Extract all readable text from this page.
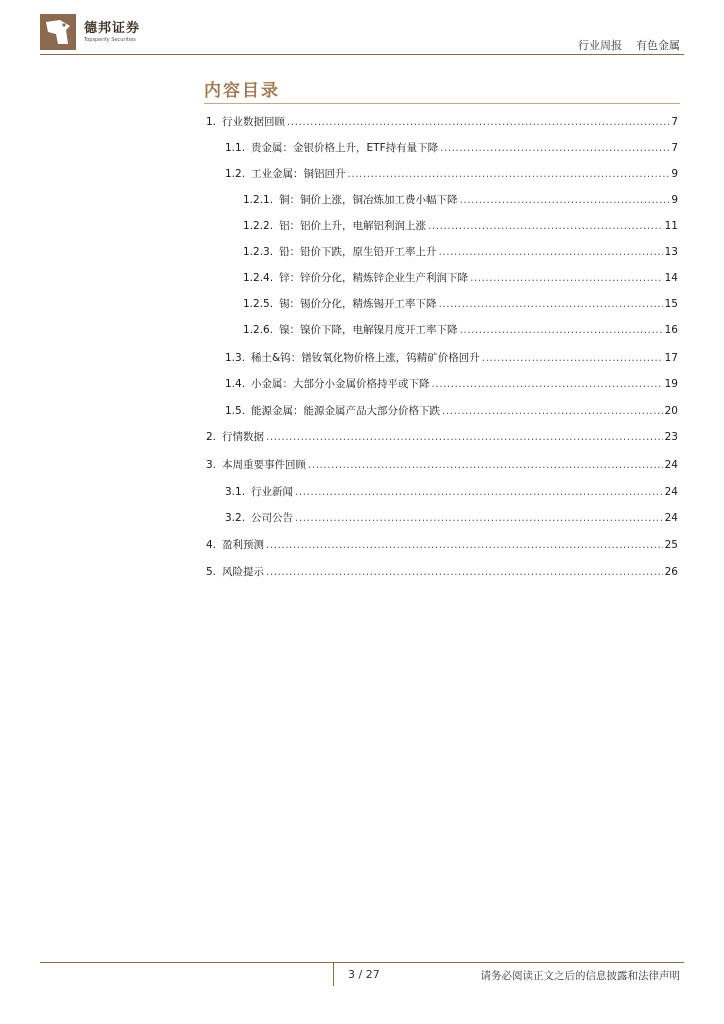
德邦证券
Topsperity Securities	行业周报 有色金属
内容目录
1. 行业数据回顾 .....	7
1.1. 贵金属：金银价格上升，ETF持有量下降 .....	7
1.2. 工业金属：铜铝回升 .....	9
1.2.1. 铜：铜价上涨，铜冶炼加工费小幅下降 .....	9
1.2.2. 铝：铝价上升，电解铝利润上涨 .....	11
1.2.3. 铅：铅价下跌，原生铅开工率上升 .....	13
1.2.4. 锌：锌价分化，精炼锌企业生产利润下降 .....	14
1.2.5. 锡：锡价分化，精炼锡开工率下降 .....	15
1.2.6. 镍：镍价下降，电解镍月度开工率下降 .....	16
1.3. 稀土&钨：镨钕氧化物价格上涨，钨精矿价格回升 .....	17
1.4. 小金属：大部分小金属价格持平或下降 .....	19
1.5. 能源金属：能源金属产品大部分价格下跌 .....	20
2. 行情数据 .....	23
3. 本周重要事件回顾 .....	24
3.1. 行业新闻 .....	24
3.2. 公司公告 .....	24
4. 盈利预测 .....	25
5. 风险提示 .....	26
3 / 27	请务必阅读正文之后的信息披露和法律声明
